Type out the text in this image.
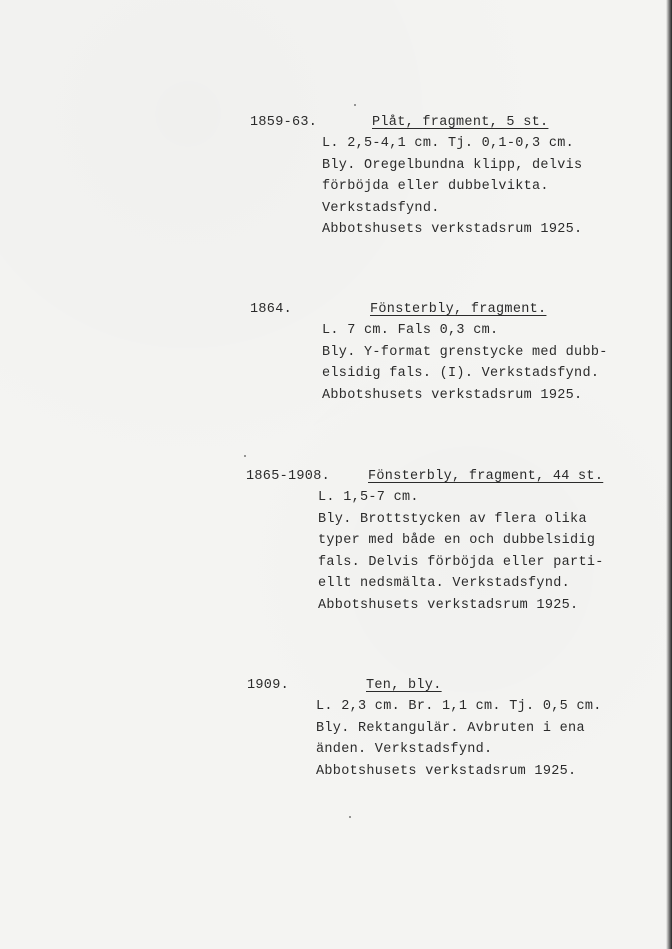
1859-63.	Plåt, fragment, 5 st.
L. 2,5-4,1 cm. Tj. 0,1-0,3 cm.
Bly. Oregelbundna klipp, delvis
förböjda eller dubbelvikta.
Verkstadsfynd.
Abbotshusets verkstadsrum 1925.
1864.	Fönsterbly, fragment.
L. 7 cm. Fals 0,3 cm.
Bly. Y-format grenstycke med dubb-
elsidig fals. (I). Verkstadsfynd.
Abbotshusets verkstadsrum 1925.
1865-1908.	Fönsterbly, fragment, 44 st.
L. 1,5-7 cm.
Bly. Brottstycken av flera olika
typer med både en och dubbelsidig
fals. Delvis förböjda eller parti-
ellt nedsmälta. Verkstadsfynd.
Abbotshusets verkstadsrum 1925.
1909.	Ten, bly.
L. 2,3 cm. Br. 1,1 cm. Tj. 0,5 cm.
Bly. Rektangulär. Avbruten i ena
änden. Verkstadsfynd.
Abbotshusets verkstadsrum 1925.
